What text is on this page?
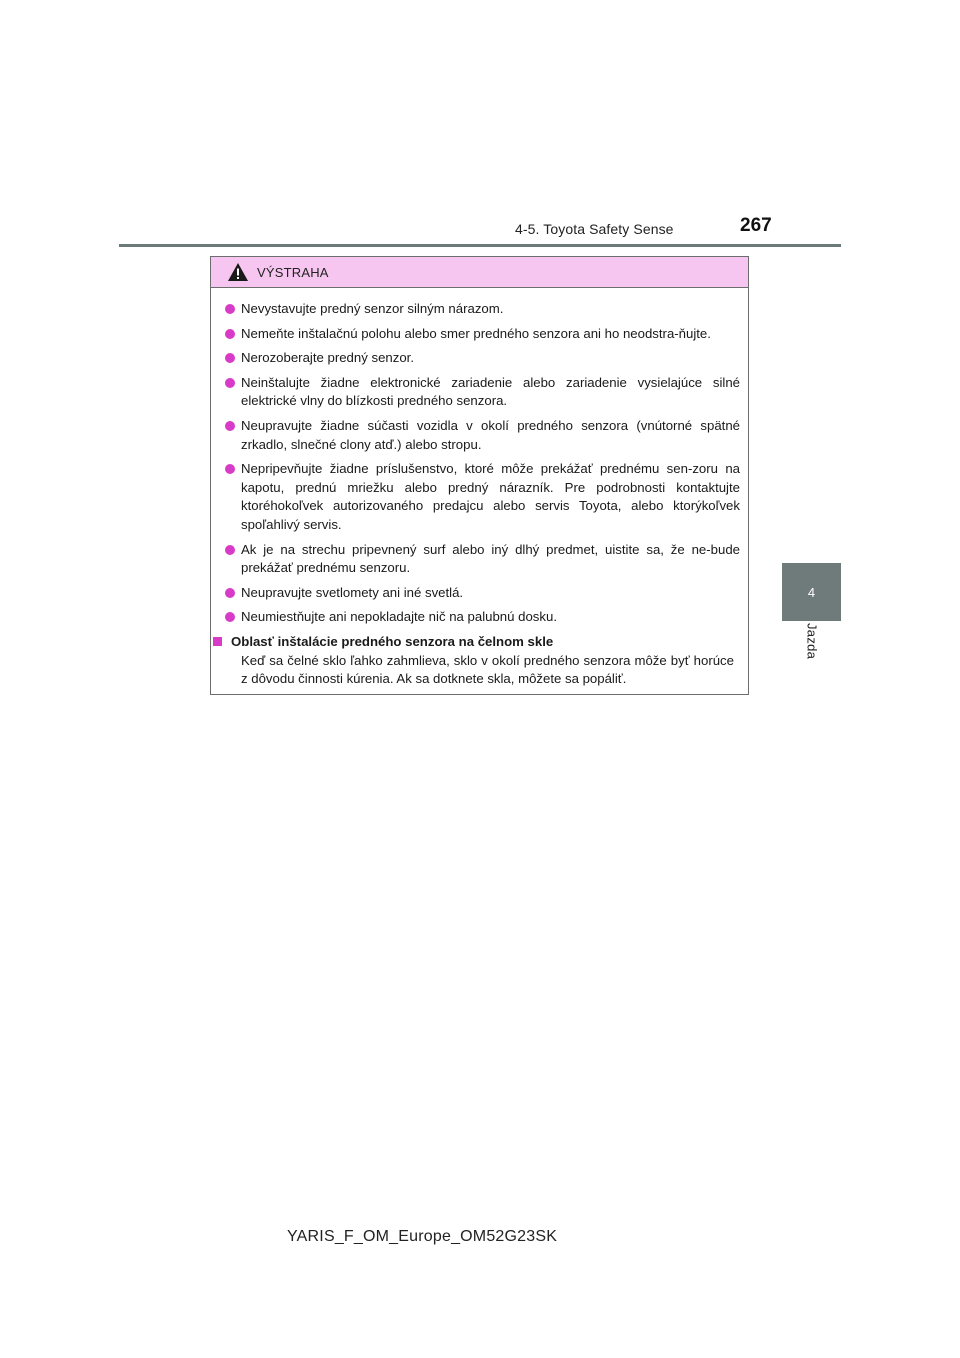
4-5. Toyota Safety Sense	267
4
Jazda
VÝSTRAHA
Nevystavujte predný senzor silným nárazom.
Nemeňte inštalačnú polohu alebo smer predného senzora ani ho neodstra-ňujte.
Nerozoberajte predný senzor.
Neinštalujte žiadne elektronické zariadenie alebo zariadenie vysielajúce silné elektrické vlny do blízkosti predného senzora.
Neupravujte žiadne súčasti vozidla v okolí predného senzora (vnútorné spätné zrkadlo, slnečné clony atď.) alebo stropu.
Nepripevňujte žiadne príslušenstvo, ktoré môže prekážať prednému sen-zoru na kapotu, prednú mriežku alebo predný nárazník. Pre podrobnosti kontaktujte ktoréhokoľvek autorizovaného predajcu alebo servis Toyota, alebo ktorýkoľvek spoľahlivý servis.
Ak je na strechu pripevnený surf alebo iný dlhý predmet, uistite sa, že ne-bude prekážať prednému senzoru.
Neupravujte svetlomety ani iné svetlá.
Neumiestňujte ani nepokladajte nič na palubnú dosku.
Oblasť inštalácie predného senzora na čelnom skle
Keď sa čelné sklo ľahko zahmlieva, sklo v okolí predného senzora môže byť horúce z dôvodu činnosti kúrenia. Ak sa dotknete skla, môžete sa popáliť.
YARIS_F_OM_Europe_OM52G23SK
